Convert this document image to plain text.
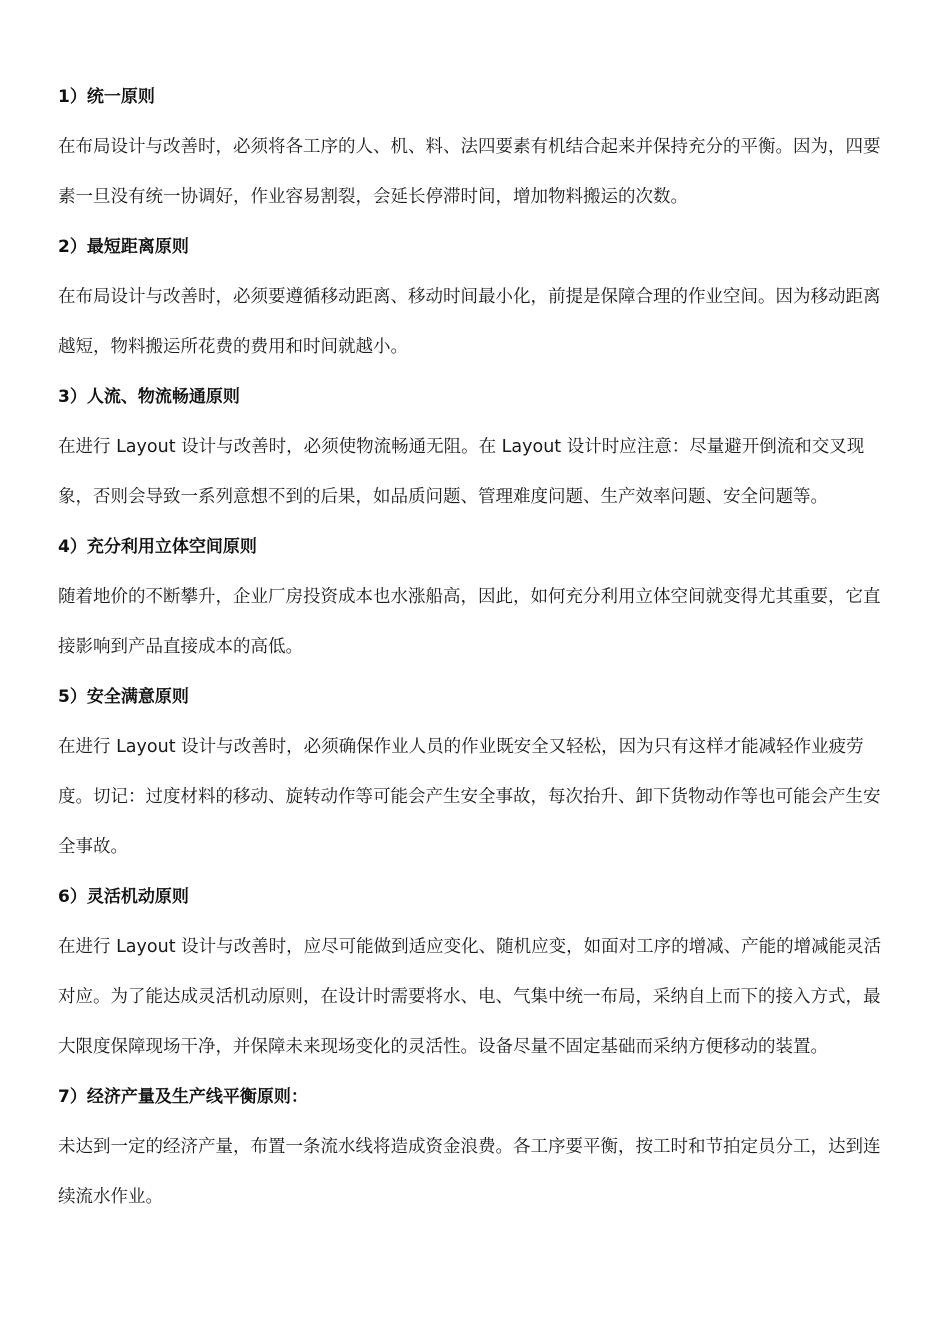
1）统一原则

在布局设计与改善时，必须将各工序的人、机、料、法四要素有机结合起来并保持充分的平衡。因为，四要素一旦没有统一协调好，作业容易割裂，会延长停滞时间，增加物料搬运的次数。

2）最短距离原则

在布局设计与改善时，必须要遵循移动距离、移动时间最小化，前提是保障合理的作业空间。因为移动距离越短，物料搬运所花费的费用和时间就越小。

3）人流、物流畅通原则

在进行 Layout 设计与改善时，必须使物流畅通无阻。在 Layout 设计时应注意：尽量避开倒流和交叉现象，否则会导致一系列意想不到的后果，如品质问题、管理难度问题、生产效率问题、安全问题等。

4）充分利用立体空间原则

随着地价的不断攀升，企业厂房投资成本也水涨船高，因此，如何充分利用立体空间就变得尤其重要，它直接影响到产品直接成本的高低。

5）安全满意原则

在进行 Layout 设计与改善时，必须确保作业人员的作业既安全又轻松，因为只有这样才能减轻作业疲劳度。切记：过度材料的移动、旋转动作等可能会产生安全事故，每次抬升、卸下货物动作等也可能会产生安全事故。

6）灵活机动原则

在进行 Layout 设计与改善时，应尽可能做到适应变化、随机应变，如面对工序的增减、产能的增减能灵活对应。为了能达成灵活机动原则，在设计时需要将水、电、气集中统一布局，采纳自上而下的接入方式，最大限度保障现场干净，并保障未来现场变化的灵活性。设备尽量不固定基础而采纳方便移动的装置。

7）经济产量及生产线平衡原则：

未达到一定的经济产量，布置一条流水线将造成资金浪费。各工序要平衡，按工时和节拍定员分工，达到连续流水作业。
